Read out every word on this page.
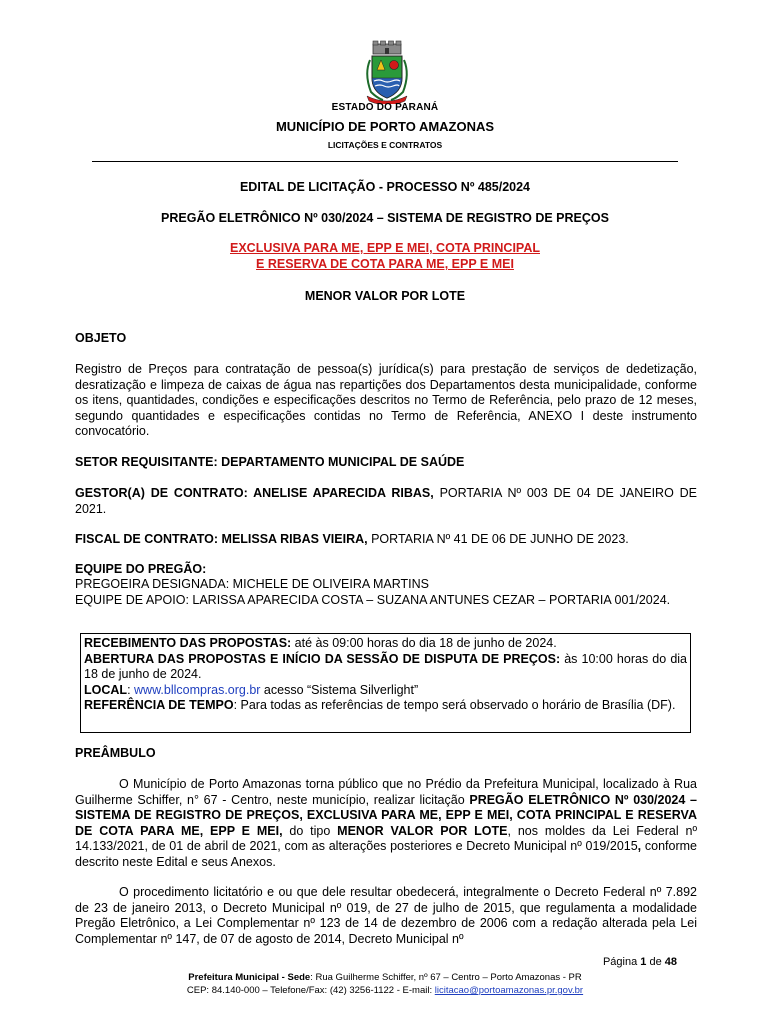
ESTADO DO PARANÁ
MUNICÍPIO DE PORTO AMAZONAS
LICITAÇÕES E CONTRATOS
EDITAL DE LICITAÇÃO - PROCESSO Nº 485/2024
PREGÃO ELETRÔNICO Nº 030/2024 – SISTEMA DE REGISTRO DE PREÇOS
EXCLUSIVA PARA ME, EPP E MEI, COTA PRINCIPAL
E RESERVA DE COTA PARA ME, EPP E MEI
MENOR VALOR POR LOTE
OBJETO
Registro de Preços para contratação de pessoa(s) jurídica(s) para prestação de serviços de dedetização, desratização e limpeza de caixas de água nas repartições dos Departamentos desta municipalidade, conforme os itens, quantidades, condições e especificações descritos no Termo de Referência, pelo prazo de 12 meses, segundo quantidades e especificações contidas no Termo de Referência, ANEXO I deste instrumento convocatório.
SETOR REQUISITANTE: DEPARTAMENTO MUNICIPAL DE SAÚDE
GESTOR(A) DE CONTRATO: ANELISE APARECIDA RIBAS, PORTARIA Nº 003 DE 04 DE JANEIRO DE 2021.
FISCAL DE CONTRATO: MELISSA RIBAS VIEIRA, PORTARIA Nº 41 DE 06 DE JUNHO DE 2023.
EQUIPE DO PREGÃO:
PREGOEIRA DESIGNADA: MICHELE DE OLIVEIRA MARTINS
EQUIPE DE APOIO: LARISSA APARECIDA COSTA – SUZANA ANTUNES CEZAR – PORTARIA 001/2024.
RECEBIMENTO DAS PROPOSTAS: até às 09:00 horas do dia 18 de junho de 2024.
ABERTURA DAS PROPOSTAS E INÍCIO DA SESSÃO DE DISPUTA DE PREÇOS: às 10:00 horas do dia 18 de junho de 2024.
LOCAL: www.bllcompras.org.br acesso “Sistema Silverlight”
REFERÊNCIA DE TEMPO: Para todas as referências de tempo será observado o horário de Brasília (DF).
PREÂMBULO
O Município de Porto Amazonas torna público que no Prédio da Prefeitura Municipal, localizado à Rua Guilherme Schiffer, n° 67 - Centro, neste município, realizar licitação PREGÃO ELETRÔNICO Nº 030/2024 – SISTEMA DE REGISTRO DE PREÇOS, EXCLUSIVA PARA ME, EPP E MEI, COTA PRINCIPAL E RESERVA DE COTA PARA ME, EPP E MEI, do tipo MENOR VALOR POR LOTE, nos moldes da Lei Federal nº 14.133/2021, de 01 de abril de 2021, com as alterações posteriores e Decreto Municipal nº 019/2015, conforme descrito neste Edital e seus Anexos.
O procedimento licitatório e ou que dele resultar obedecerá, integralmente o Decreto Federal nº 7.892 de 23 de janeiro 2013, o Decreto Municipal nº 019, de 27 de julho de 2015, que regulamenta a modalidade Pregão Eletrônico, a Lei Complementar nº 123 de 14 de dezembro de 2006 com a redação alterada pela Lei Complementar nº 147, de 07 de agosto de 2014, Decreto Municipal nº
Página 1 de 48
Prefeitura Municipal - Sede: Rua Guilherme Schiffer, nº 67 – Centro – Porto Amazonas - PR
CEP: 84.140-000 – Telefone/Fax: (42) 3256-1122 - E-mail: licitacao@portoamazonas.pr.gov.br
